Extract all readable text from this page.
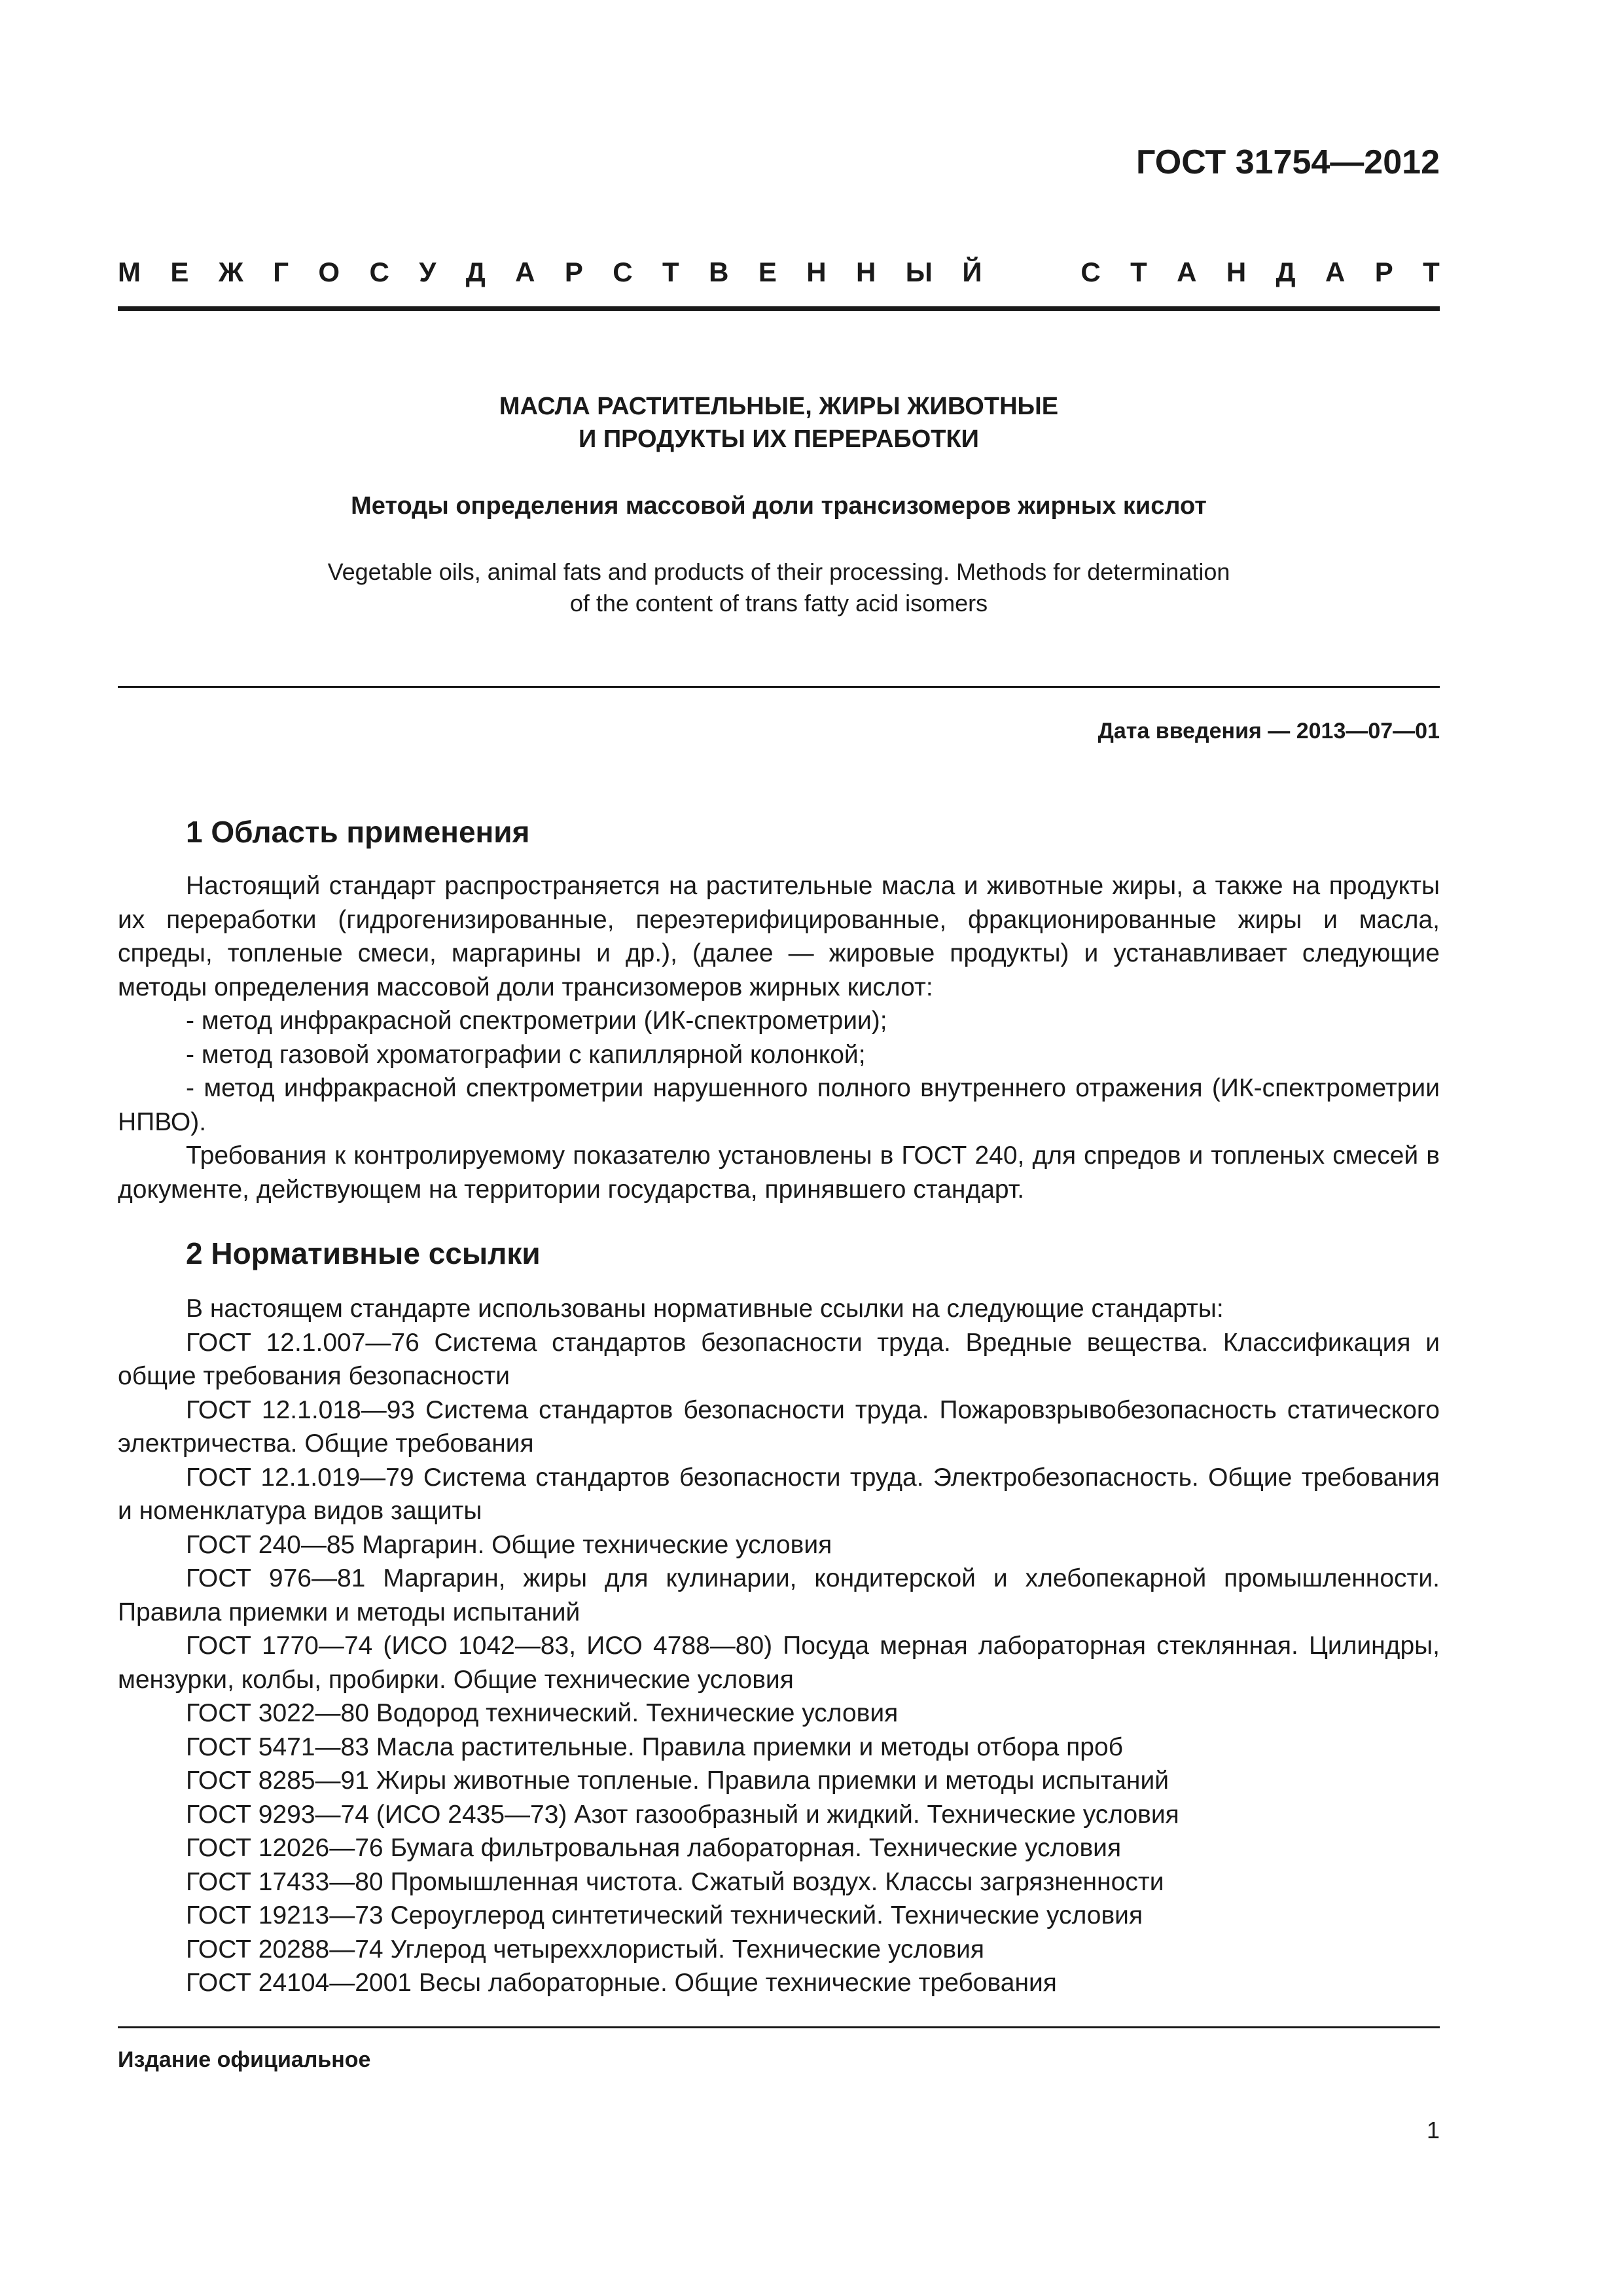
ГОСТ 31754—2012
М Е Ж Г О С У Д А Р С Т В Е Н Н Ы Й	С Т А Н Д А Р Т
МАСЛА РАСТИТЕЛЬНЫЕ, ЖИРЫ ЖИВОТНЫЕ
И ПРОДУКТЫ ИХ ПЕРЕРАБОТКИ
Методы определения массовой доли трансизомеров жирных кислот
Vegetable oils, animal fats and products of their processing. Methods for determination
of the content of trans fatty acid isomers
Дата введения — 2013—07—01
1 Область применения

Настоящий стандарт распространяется на растительные масла и животные жиры, а также на продукты их переработки (гидрогенизированные, переэтерифицированные, фракционированные жиры и масла, спреды, топленые смеси, маргарины и др.), (далее — жировые продукты) и устанавливает следующие методы определения массовой доли трансизомеров жирных кислот:

- метод инфракрасной спектрометрии (ИК-спектрометрии);

- метод газовой хроматографии с капиллярной колонкой;

- метод инфракрасной спектрометрии нарушенного полного внутреннего отражения (ИК-спектрометрии НПВО).

Требования к контролируемому показателю установлены в ГОСТ 240, для спредов и топленых смесей в документе, действующем на территории государства, принявшего стандарт.

2 Нормативные ссылки

В настоящем стандарте использованы нормативные ссылки на следующие стандарты:

ГОСТ 12.1.007—76 Система стандартов безопасности труда. Вредные вещества. Классификация и общие требования безопасности

ГОСТ 12.1.018—93 Система стандартов безопасности труда. Пожаровзрывобезопасность статического электричества. Общие требования

ГОСТ 12.1.019—79 Система стандартов безопасности труда. Электробезопасность. Общие требования и номенклатура видов защиты

ГОСТ 240—85 Маргарин. Общие технические условия

ГОСТ 976—81 Маргарин, жиры для кулинарии, кондитерской и хлебопекарной промышленности. Правила приемки и методы испытаний

ГОСТ 1770—74 (ИСО 1042—83, ИСО 4788—80) Посуда мерная лабораторная стеклянная. Цилиндры, мензурки, колбы, пробирки. Общие технические условия

ГОСТ 3022—80 Водород технический. Технические условия

ГОСТ 5471—83 Масла растительные. Правила приемки и методы отбора проб

ГОСТ 8285—91 Жиры животные топленые. Правила приемки и методы испытаний

ГОСТ 9293—74 (ИСО 2435—73) Азот газообразный и жидкий. Технические условия

ГОСТ 12026—76 Бумага фильтровальная лабораторная. Технические условия

ГОСТ 17433—80 Промышленная чистота. Сжатый воздух. Классы загрязненности

ГОСТ 19213—73 Сероуглерод синтетический технический. Технические условия

ГОСТ 20288—74 Углерод четыреххлористый. Технические условия

ГОСТ 24104—2001 Весы лабораторные. Общие технические требования

Издание официальное
1
